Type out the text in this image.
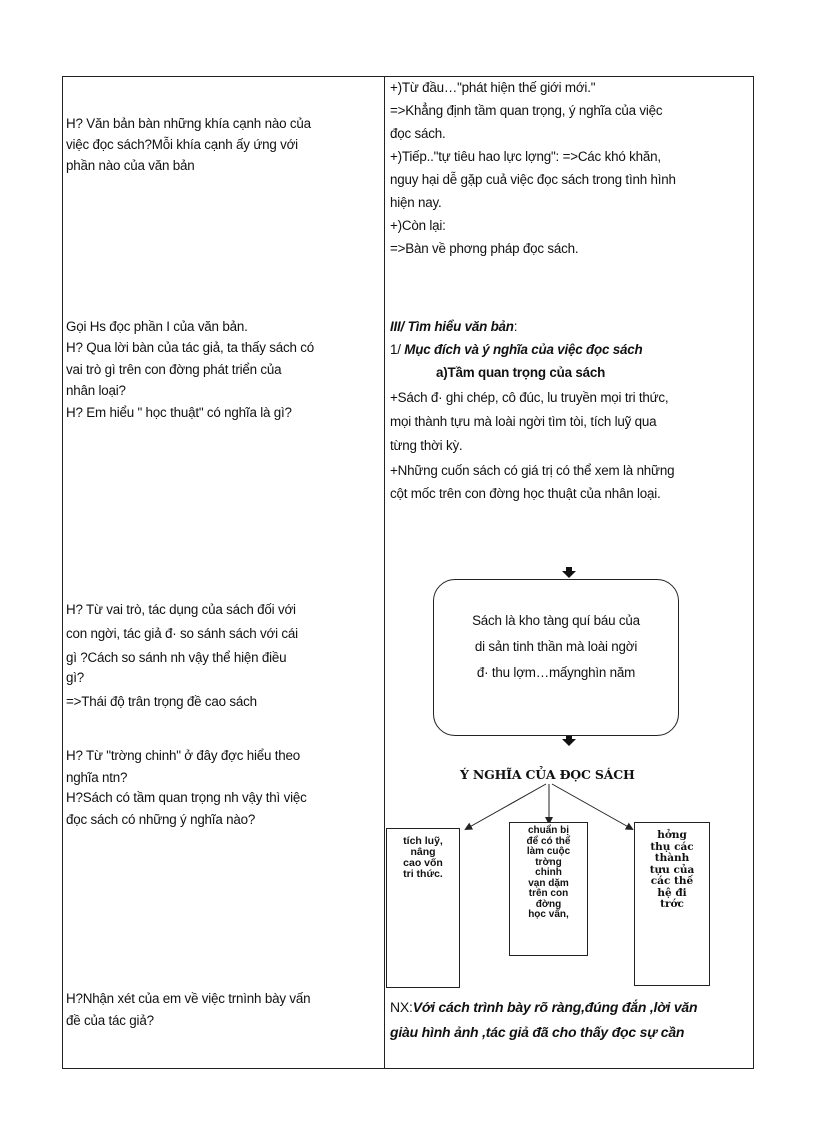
H? Văn bản bàn những khía cạnh nào của
việc đọc sách?Mỗi khía cạnh ấy ứng với
phần nào của văn bản
Gọi Hs đọc phần I của văn bản.
H? Qua lời bàn của tác giả, ta thấy sách có
vai trò gì trên con đờng phát triển của
nhân loại?
H? Em hiểu " học thuật" có nghĩa là gì?
H? Từ vai trò, tác dụng của sách đối với
con ngời, tác giả đ· so sánh sách với cái
gì ?Cách so sánh nh vậy thể hiện điều
gì?
=>Thái độ trân trọng đề cao sách
H? Từ "trờng chinh" ở đây đợc hiểu theo
nghĩa ntn?
H?Sách có tầm quan trọng nh vậy thì việc
đọc sách có những ý nghĩa nào?
H?Nhận xét của em về việc trnình bày vấn
đề của tác giả?
+)Từ đầu…"phát hiện thế giới mới."
=>Khẳng định tầm quan trọng, ý nghĩa của việc
đọc sách.
+)Tiếp.."tự tiêu hao lực lợng": =>Các khó khăn,
nguy hại dễ gặp cuả việc đọc sách trong tình hình
hiện nay.
+)Còn lại:
=>Bàn về phơng pháp đọc sách.
III/ Tìm hiểu văn bản:
1/ Mục đích và ý nghĩa của việc đọc sách
a)Tầm quan trọng của sách
+Sách đ· ghi chép, cô đúc, lu truyền mọi tri thức,
mọi thành tựu mà loài ngời tìm tòi, tích luỹ qua
từng thời kỳ.
+Những cuốn sách có giá trị có thể xem là những
cột mốc trên con đờng học thuật của nhân loại.
Sách là kho tàng quí báu của
di sản tinh thần mà loài ngời
đ· thu lợm…mấynghìn năm
Ý NGHĨA CỦA ĐỌC SÁCH
tích luỹ,
nâng
cao vốn
tri thức.
chuẩn bị
để có thể
làm cuộc
trờng
chinh
vạn dặm
trên con
đờng
học vấn,
hởng
thụ các
thành
tựu của
các thế
hệ đi
trớc
NX:Với cách trình bày rõ ràng,đúng đắn ,lời văn
giàu hình ảnh ,tác giả đã cho thấy đọc sự cần
